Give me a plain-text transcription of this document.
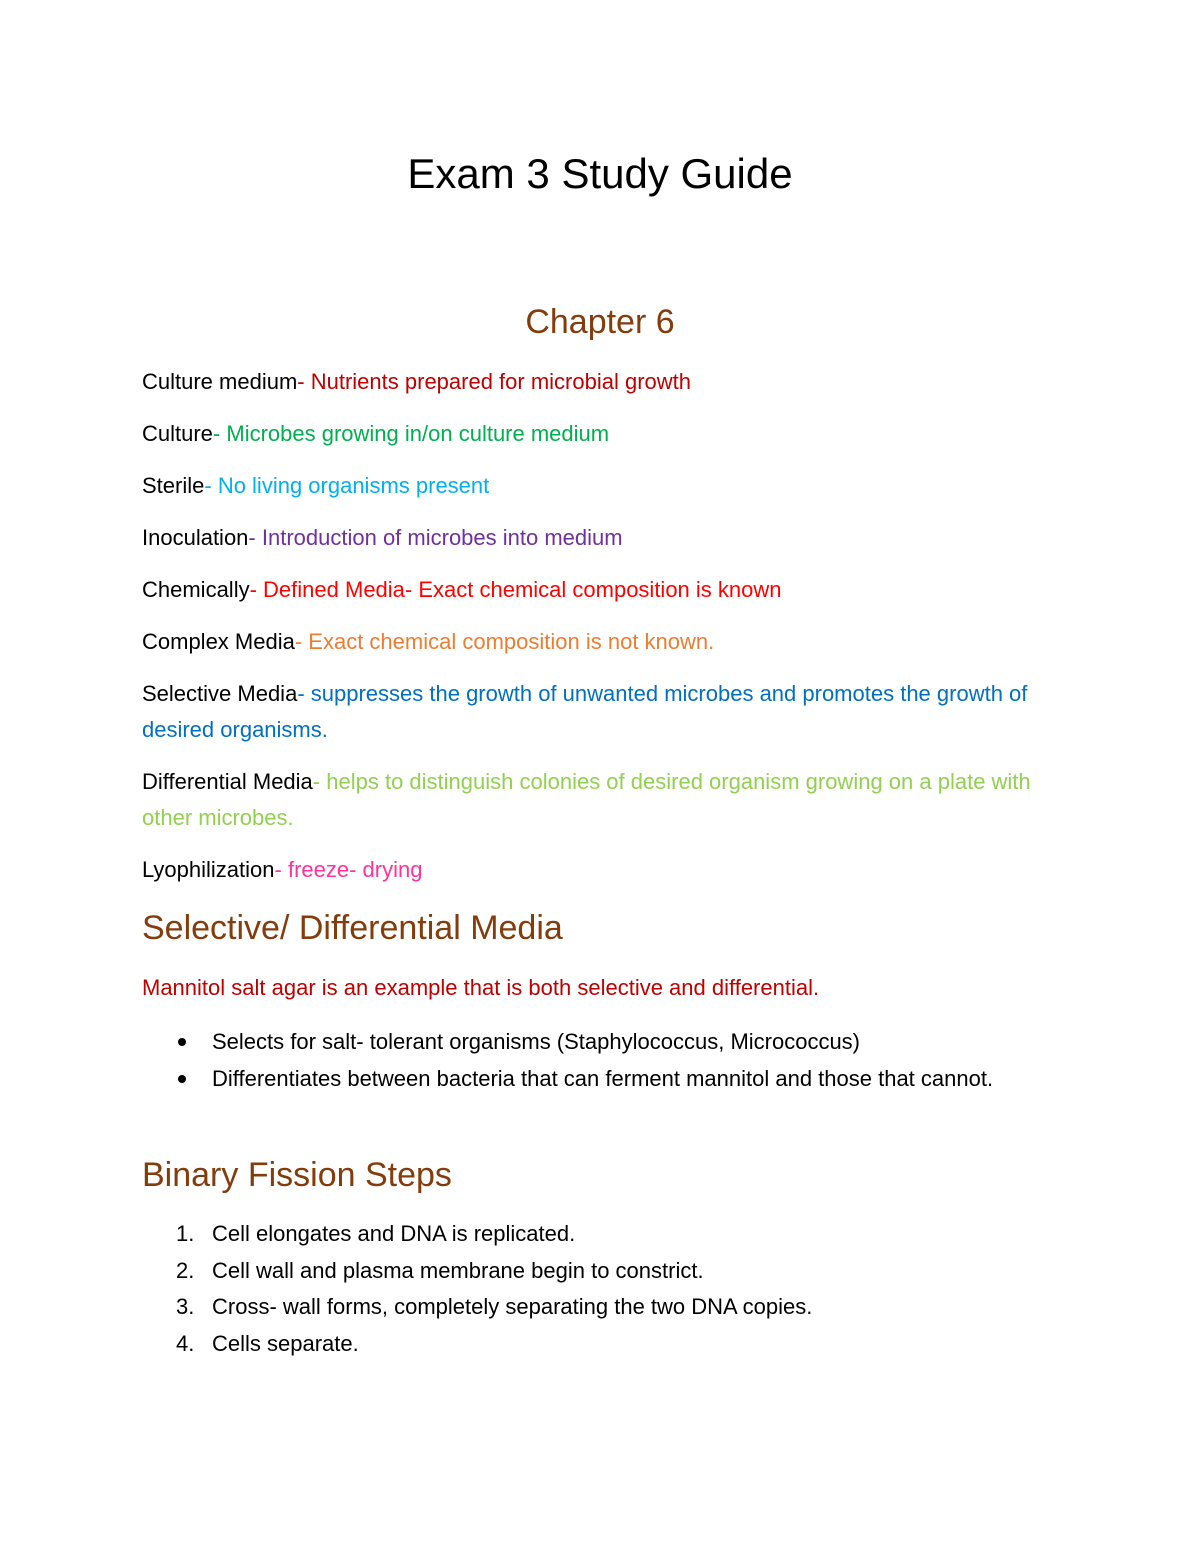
Exam 3 Study Guide
Chapter 6

Culture medium- Nutrients prepared for microbial growth

Culture- Microbes growing in/on culture medium

Sterile- No living organisms present

Inoculation- Introduction of microbes into medium

Chemically- Defined Media- Exact chemical composition is known

Complex Media- Exact chemical composition is not known.

Selective Media- suppresses the growth of unwanted microbes and promotes the growth of desired organisms.

Differential Media- helps to distinguish colonies of desired organism growing on a plate with other microbes.

Lyophilization- freeze- drying

Selective/ Differential Media
Mannitol salt agar is an example that is both selective and differential.
Selects for salt- tolerant organisms (Staphylococcus, Micrococcus)
Differentiates between bacteria that can ferment mannitol and those that cannot.
Binary Fission Steps
1. Cell elongates and DNA is replicated.
2. Cell wall and plasma membrane begin to constrict.
3. Cross- wall forms, completely separating the two DNA copies.
4. Cells separate.
